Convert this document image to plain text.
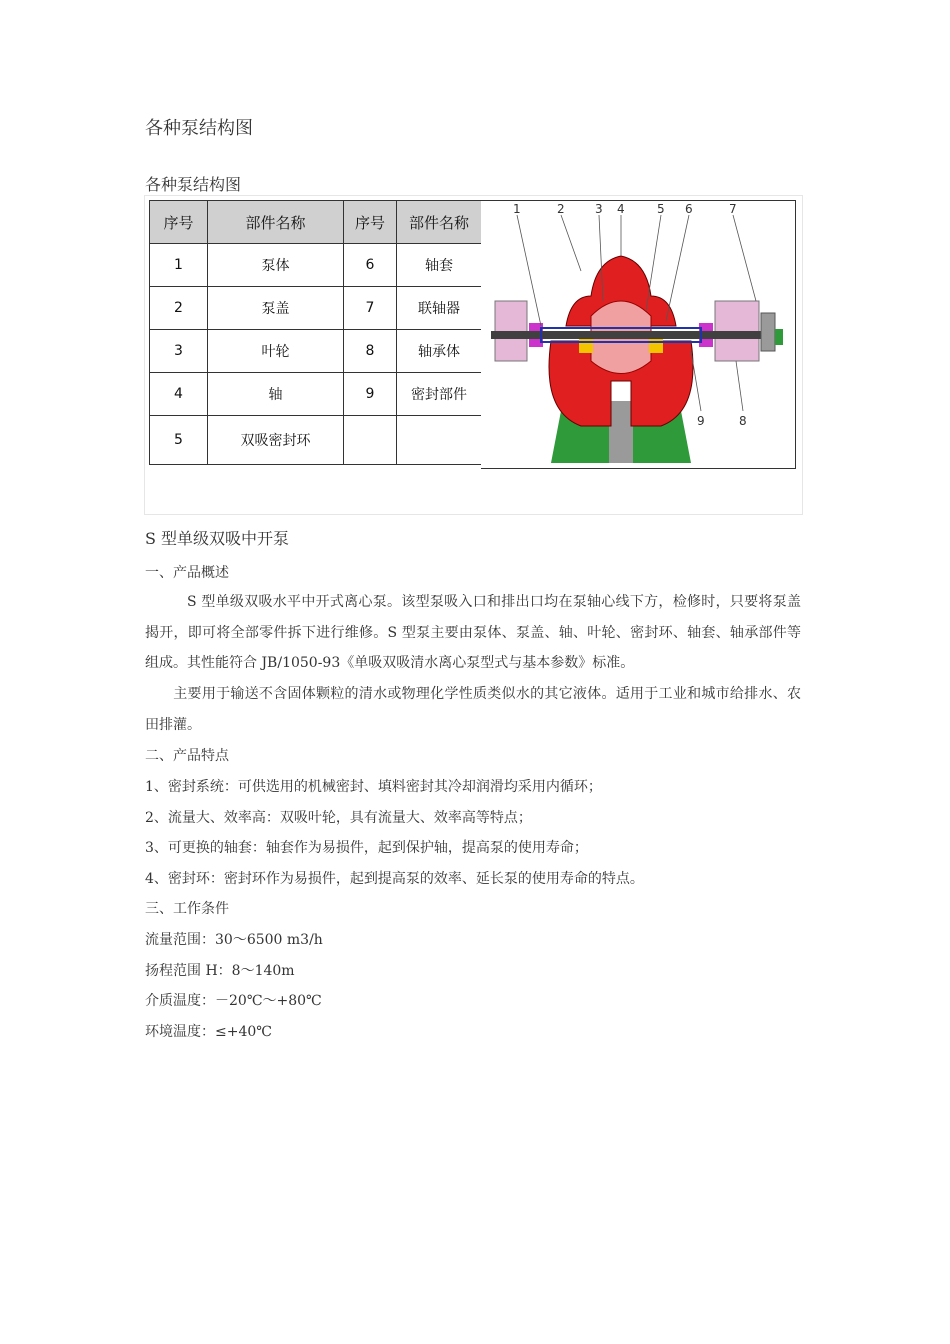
各种泵结构图
各种泵结构图
序号	部件名称	序号	部件名称
1	泵体	6	轴套
2	泵盖	7	联轴器
3	叶轮	8	轴承体
4	轴	9	密封部件
5	双吸密封环		
1	2	3 4	5 6	7
9	8
S 型单级双吸中开泵
一、产品概述
S 型单级双吸水平中开式离心泵。该型泵吸入口和排出口均在泵轴心线下方，检修时，只要将泵盖揭开，即可将全部零件拆下进行维修。S 型泵主要由泵体、泵盖、轴、叶轮、密封环、轴套、轴承部件等组成。其性能符合 JB/1050-93《单吸双吸清水离心泵型式与基本参数》标准。
主要用于输送不含固体颗粒的清水或物理化学性质类似水的其它液体。适用于工业和城市给排水、农田排灌。
二、产品特点
1、密封系统：可供选用的机械密封、填料密封其冷却润滑均采用内循环；
2、流量大、效率高：双吸叶轮，具有流量大、效率高等特点；
3、可更换的轴套：轴套作为易损件，起到保护轴，提高泵的使用寿命；
4、密封环：密封环作为易损件，起到提高泵的效率、延长泵的使用寿命的特点。
三、工作条件
流量范围：30～6500 m3/h
扬程范围 H：8～140m
介质温度：－20℃～+80℃
环境温度：≤+40℃
